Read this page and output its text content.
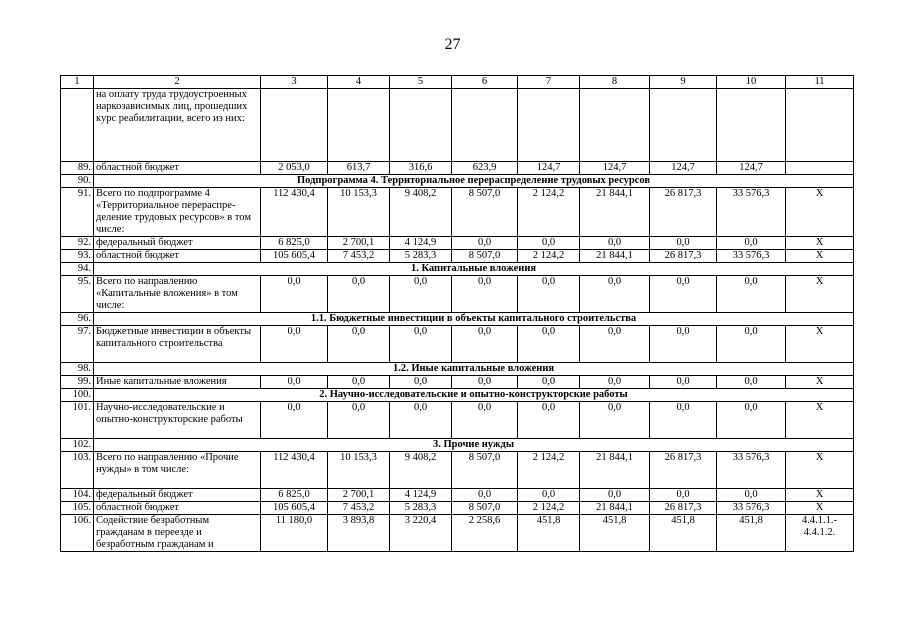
27
1	2	3	4	5	6	7	8	9	10	11
	на оплату труда трудоустроенных наркозависимых лиц, прошедших курс реабилитации, всего из них:									
89.	областной бюджет	2 053,0	613,7	316,6	623,9	124,7	124,7	124,7	124,7	
90.	Подпрограмма 4. Территориальное перераспределение трудовых ресурсов									
91.	Всего по подпрограмме 4 «Территориальное перераспре-деление трудовых ресурсов» в том числе:	112 430,4	10 153,3	9 408,2	8 507,0	2 124,2	21 844,1	26 817,3	33 576,3	X
92.	федеральный бюджет	6 825,0	2 700,1	4 124,9	0,0	0,0	0,0	0,0	0,0	X
93.	областной бюджет	105 605,4	7 453,2	5 283,3	8 507,0	2 124,2	21 844,1	26 817,3	33 576,3	X
94.	1. Капитальные вложения									
95.	Всего по направлению «Капитальные вложения» в том числе:	0,0	0,0	0,0	0,0	0,0	0,0	0,0	0,0	X
96.	1.1. Бюджетные инвестиции в объекты капитального строительства									
97.	Бюджетные инвестиции в объекты капитального строительства	0,0	0,0	0,0	0,0	0,0	0,0	0,0	0,0	X
98.	1.2. Иные капитальные вложения									
99.	Иные капитальные вложения	0,0	0,0	0,0	0,0	0,0	0,0	0,0	0,0	X
100.	2. Научно-исследовательские и опытно-конструкторские работы									
101.	Научно-исследовательские и опытно-конструкторские работы	0,0	0,0	0,0	0,0	0,0	0,0	0,0	0,0	X
102.	3. Прочие нужды									
103.	Всего по направлению «Прочие нужды» в том числе:	112 430,4	10 153,3	9 408,2	8 507,0	2 124,2	21 844,1	26 817,3	33 576,3	X
104.	федеральный бюджет	6 825,0	2 700,1	4 124,9	0,0	0,0	0,0	0,0	0,0	X
105.	областной бюджет	105 605,4	7 453,2	5 283,3	8 507,0	2 124,2	21 844,1	26 817,3	33 576,3	X
106.	Содействие безработным гражданам в переезде и безработным гражданам и	11 180,0	3 893,8	3 220,4	2 258,6	451,8	451,8	451,8	451,8	4.4.1.1.- 4.4.1.2.
